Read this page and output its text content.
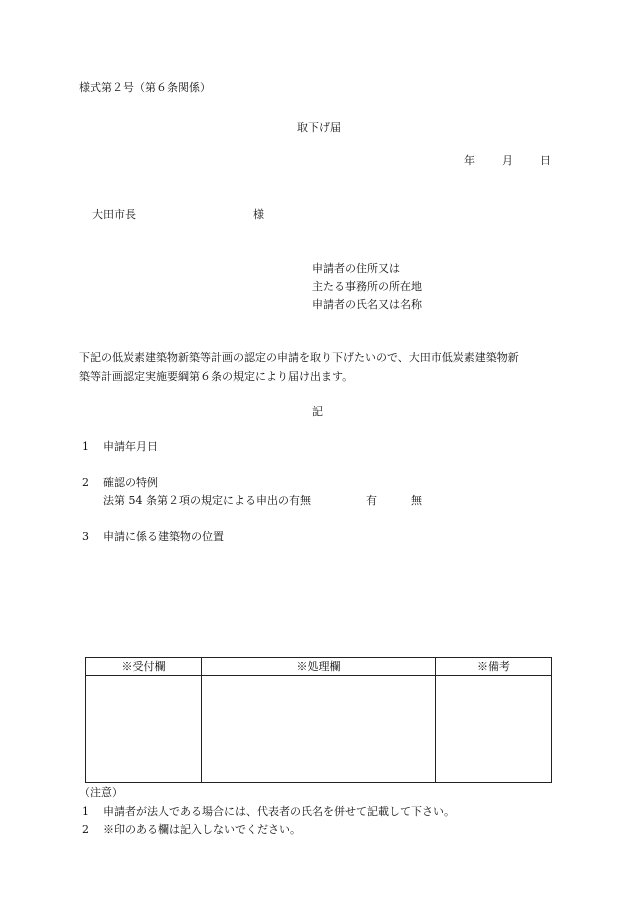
様式第２号（第６条関係）
取下げ届
年 月 日
大田市長	様
申請者の住所又は
主たる事務所の所在地
申請者の氏名又は名称
下記の低炭素建築物新築等計画の認定の申請を取り下げたいので、大田市低炭素建築物新
築等計画認定実施要綱第６条の規定により届け出ます。
記
1 申請年月日
2 確認の特例
法第 54 条第２項の規定による申出の有無	有	無
3 申請に係る建築物の位置
※受付欄	※処理欄	※備考

（注意）
1 申請者が法人である場合には、代表者の氏名を併せて記載して下さい。
2 ※印のある欄は記入しないでください。
